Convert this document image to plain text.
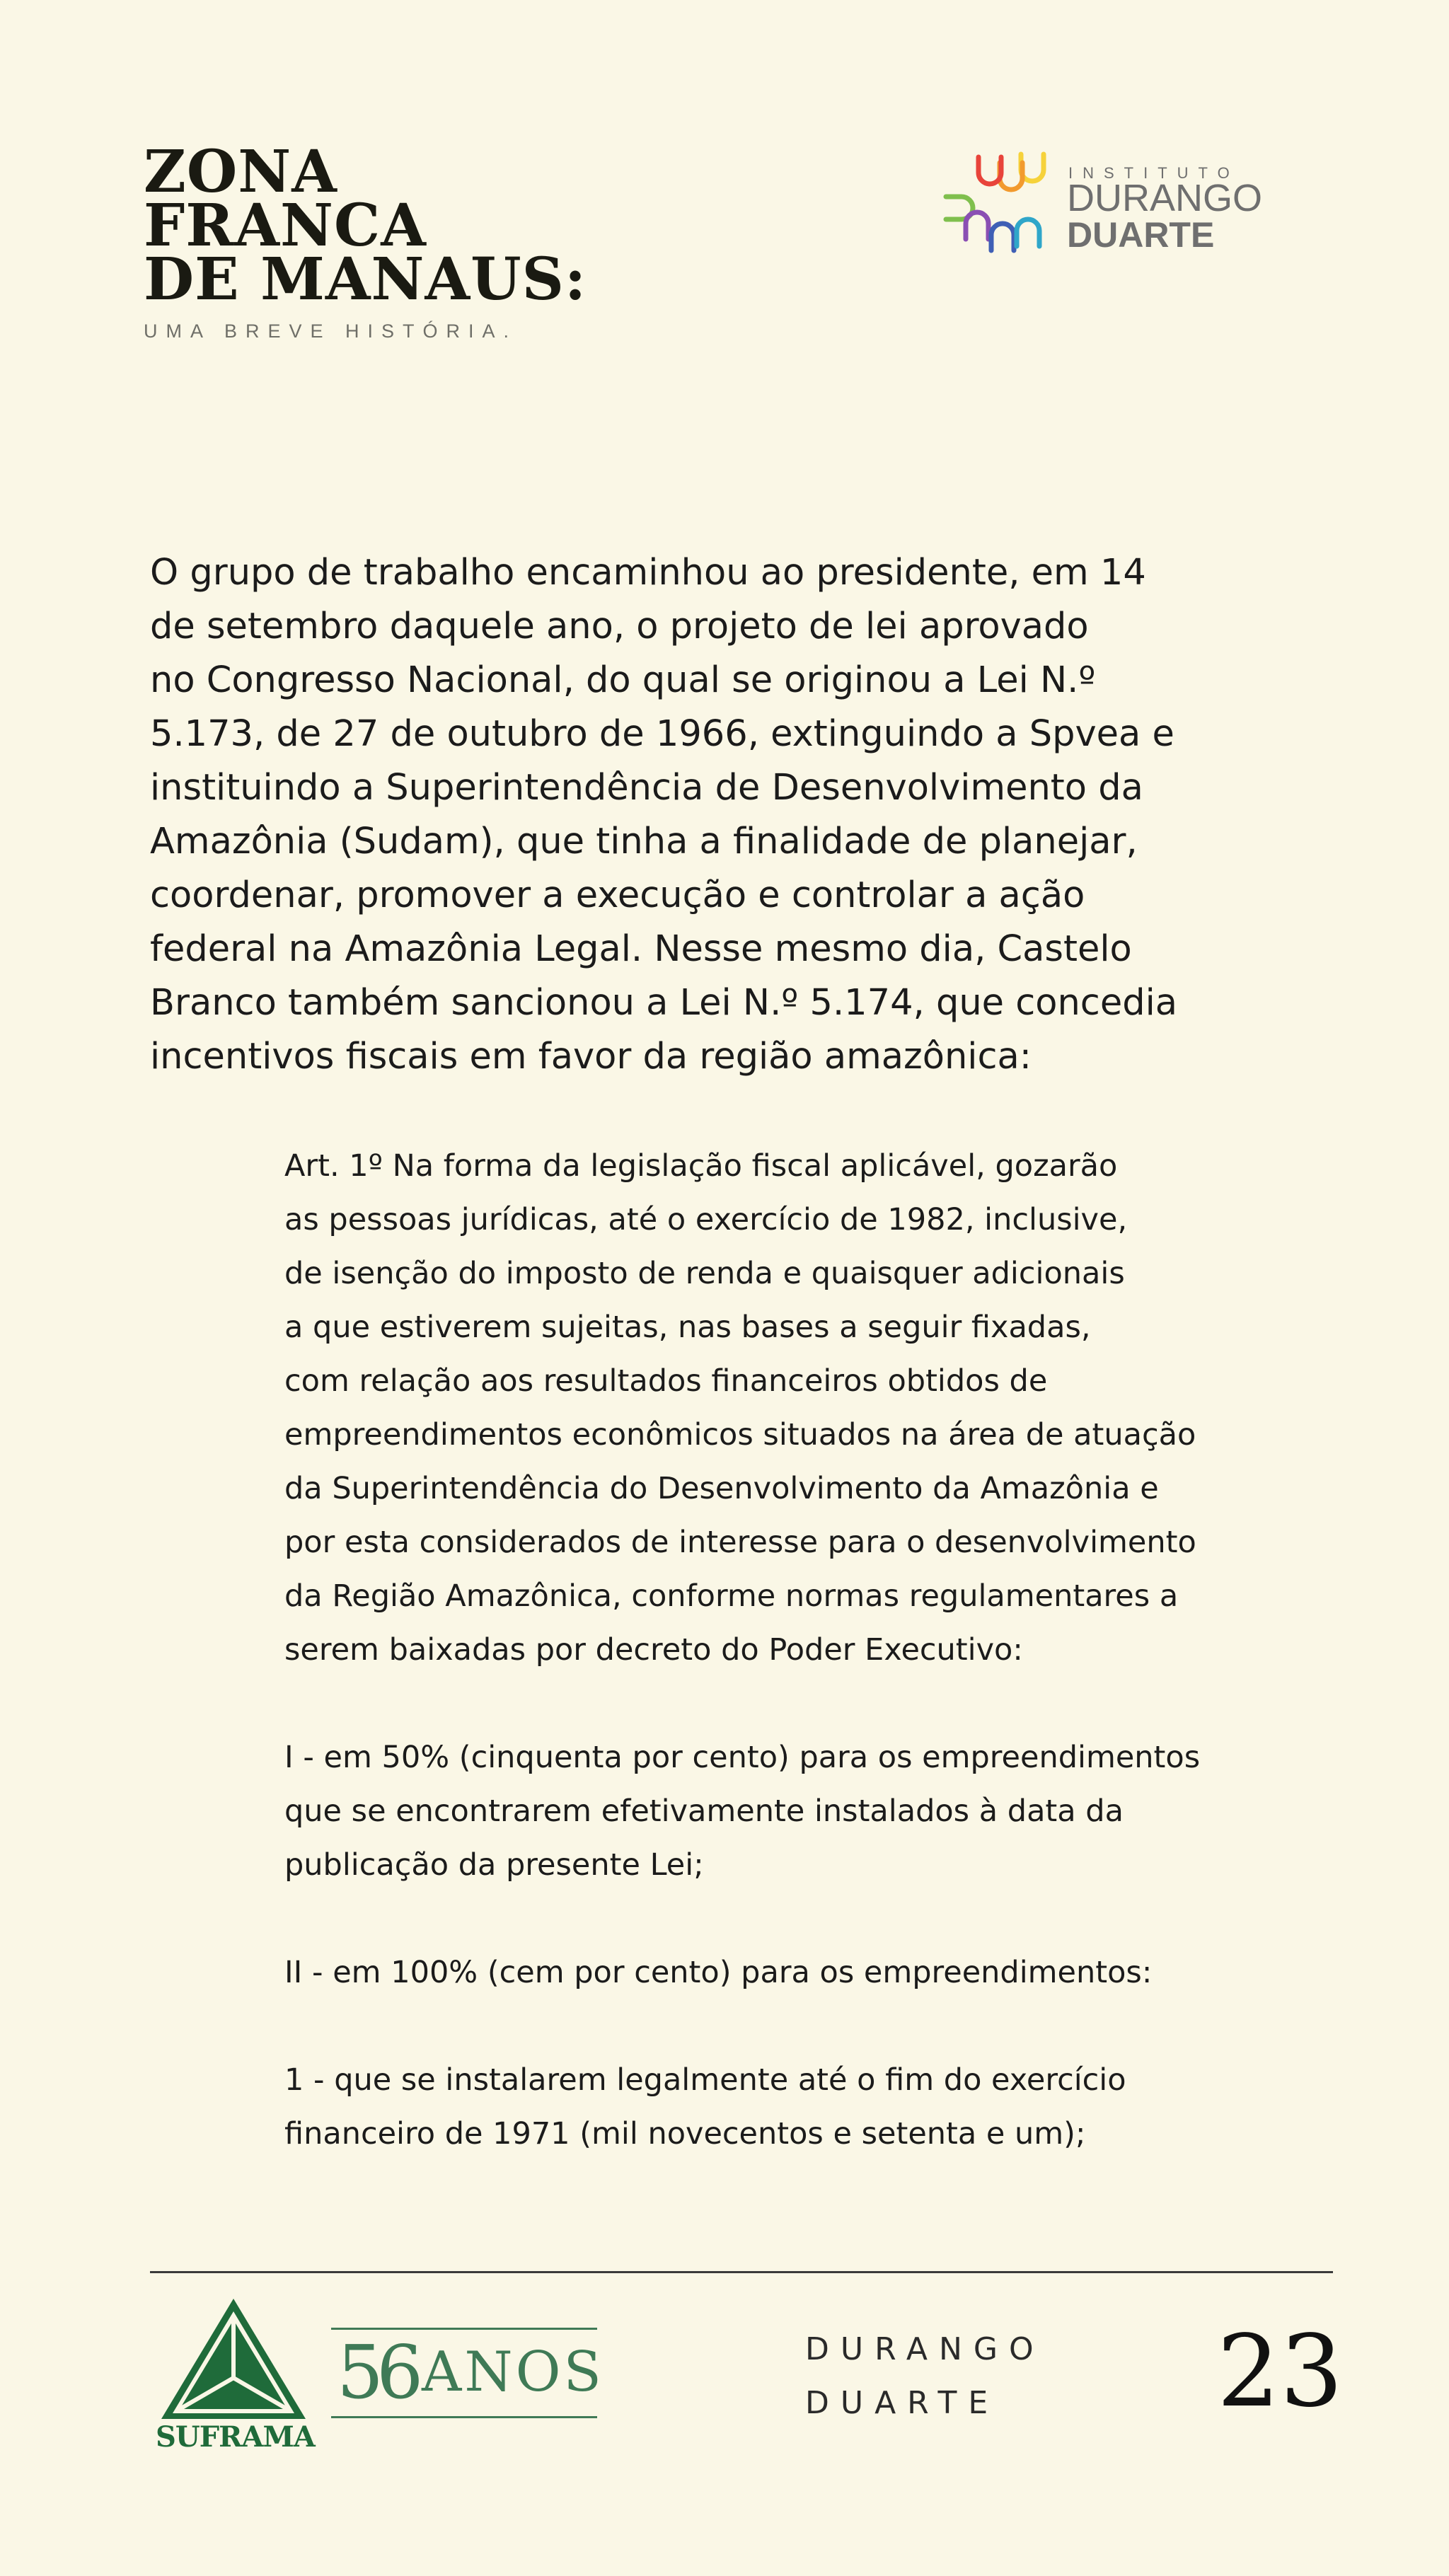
ZONA
FRANCA
DE MANAUS:
UMA BREVE HISTÓRIA.
INSTITUTO
DURANGO
DUARTE
O grupo de trabalho encaminhou ao presidente, em 14
de setembro daquele ano, o projeto de lei aprovado
no Congresso Nacional, do qual se originou a Lei N.º
5.173, de 27 de outubro de 1966, extinguindo a Spvea e
instituindo a Superintendência de Desenvolvimento da
Amazônia (Sudam), que tinha a finalidade de planejar,
coordenar, promover a execução e controlar a ação
federal na Amazônia Legal. Nesse mesmo dia, Castelo
Branco também sancionou a Lei N.º 5.174, que concedia
incentivos fiscais em favor da região amazônica:
Art. 1º Na forma da legislação fiscal aplicável, gozarão
as pessoas jurídicas, até o exercício de 1982, inclusive,
de isenção do imposto de renda e quaisquer adicionais
a que estiverem sujeitas, nas bases a seguir fixadas,
com relação aos resultados financeiros obtidos de
empreendimentos econômicos situados na área de atuação
da Superintendência do Desenvolvimento da Amazônia e
por esta considerados de interesse para o desenvolvimento
da Região Amazônica, conforme normas regulamentares a
serem baixadas por decreto do Poder Executivo:
I - em 50% (cinquenta por cento) para os empreendimentos
que se encontrarem efetivamente instalados à data da
publicação da presente Lei;
II - em 100% (cem por cento) para os empreendimentos:
1 - que se instalarem legalmente até o fim do exercício
financeiro de 1971 (mil novecentos e setenta e um);
SUFRAMA
56 ANOS	DURANGO
DUARTE	23
